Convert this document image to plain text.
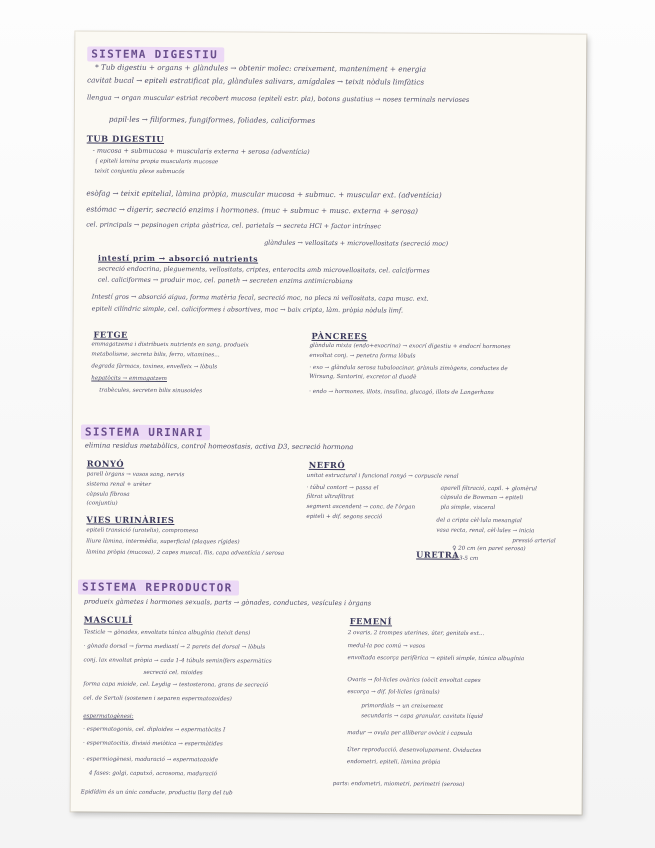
SISTEMA DIGESTIU
* Tub digestiu + organs + glàndules → obtenir molec: creixement, manteniment + energia
cavitat bucal → epiteli estratificat pla, glàndules salivars, amígdales → teixit nòduls limfàtics
llengua → organ muscular estriat recobert mucosa (epiteli estr. pla), botons gustatius → noses terminals nervioses
papil·les → filiformes, fungiformes, foliades, caliciformes
TUB DIGESTIU
- mucosa + submucosa + muscularis externa + serosa (adventícia)
{ epiteli lamina propia muscularis mucosae
teixit conjuntiu plexe submucós
esòfag → teixit epitelial, làmina pròpia, muscular mucosa + submuc. + muscular ext. (adventícia)
estómac → digerir, secreció enzims i hormones. (muc + submuc + musc. externa + serosa)
cel. principals → pepsinogen cripta gàstrica, cel. parietals → secreta HCl + factor intrínsec
glàndules → vellositats + microvellositats (secreció moc)
intestí prim → absorció nutrients
secreció endocrina, pleguements, vellositats, criptes, enterocits amb microvellositats, cel. calciformes
cel. caliciformes → produir moc, cel. paneth → secreten enzims antimicrobians
Intestí gros → absorció aigua, forma matèria fecal, secreció moc, no plecs ni vellositats, capa musc. ext.
epiteli cilíndric simple, cel. caliciformes i absortives, moc → baix cripta, làm. pròpia nòduls limf.
FETGE
emmagatzema i distribueix nutrients en sang, produeix
metabolisme, secreta bilis, ferro, vitamines...
degrada fàrmacs, toxines, envelleix → lòbuls
hepatòcits → emmagatzem
trabècules, secreten bilis sinusoides
PÀNCREES
glàndula mixta (endo+exocrina) → exocrí digestiu + endocrí hormones
envoltat conj. → penetra forma lòbuls
· exo → glàndula serosa tubuloacinar, grànuls zimògens, conductes de
Wirsung, Santorini, excretor al duodè
· endo → hormones, illots, insulina, glucagó, illots de Langerhans
SISTEMA URINARI
elimina residus metabòlics, control homeostasis, activa D3, secreció hormona
RONYÓ
parell òrgans → vasos sang, nervis
sistema renal + urèter
càpsula fibrosa
(conjuntiu)
NEFRÓ
unitat estructural i funcional ronyó → corpuscle renal
· túbul contort → passa el
filtrat ultrafiltrat
segment ascendent → conc. de l'òrgan
epiteli + dif. segons secció
aparell filtració, capil. + glomèrul
càpsula de Bowman → epiteli
pla simple, visceral
del a cripta cèl·lula mesangial
vasa recta, renal, cèl·lules → inicia
pressió arterial
VIES URINÀRIES
epiteli transició (urotelis), compromesa
lliure làmina, intermèdia, superficial (plaques rígides)
làmina pròpia (mucosa), 2 capes muscul. llis, capa adventícia / serosa	URETRA
♀ 20 cm (en paret serosa)
♂ 3-5 cm
SISTEMA REPRODUCTOR
produeix gàmetes i hormones sexuals, parts → gònades, conductes, vesícules i òrgans
MASCULÍ
Testicle → gònades, envoltats túnica albugínia (teixit dens)
· gònada dorsal → forma mediastí → 2 parets del dorsal → lòbuls
conj. lax envoltat pròpia → cada 1-4 túbuls seminífers espermàtics
secreció cel. mioides
forma capa mioide, cel. Leydig → testosterona, grans de secreció
cel. de Sertoli (sostenen i separen espermatozoides)
espermatogènesi:
· espermatogonis, cel. diploides → espermatòcits I
· espermatocitis, divisió meiòtica → espermàtides
· espermiogènesi, maduració → espermatozoide
4 fases: golgi, caputxó, acrosoma, maduració
Epidídim és un únic conducte, productiu llarg del tub
FEMENÍ
2 ovaris, 2 trompes uterines, úter, genitals ext...
medul·la poc comú → vasos
envoltada escorça perifèrica → epiteli simple, túnica albugínia
Ovaris → fol·licles ovàrics (oòcit envoltat capes
escorça → dif. fol·licles (grànuls)
primordials → un creixement
secundaris → capa granular, cavitats líquid
madur → ovula per alliberar ovòcit i capsula
Úter reproducció, desenvolupament. Oviductes
endometri, epiteli, làmina pròpia
parts: endometri, miometri, perimetri (serosa)
